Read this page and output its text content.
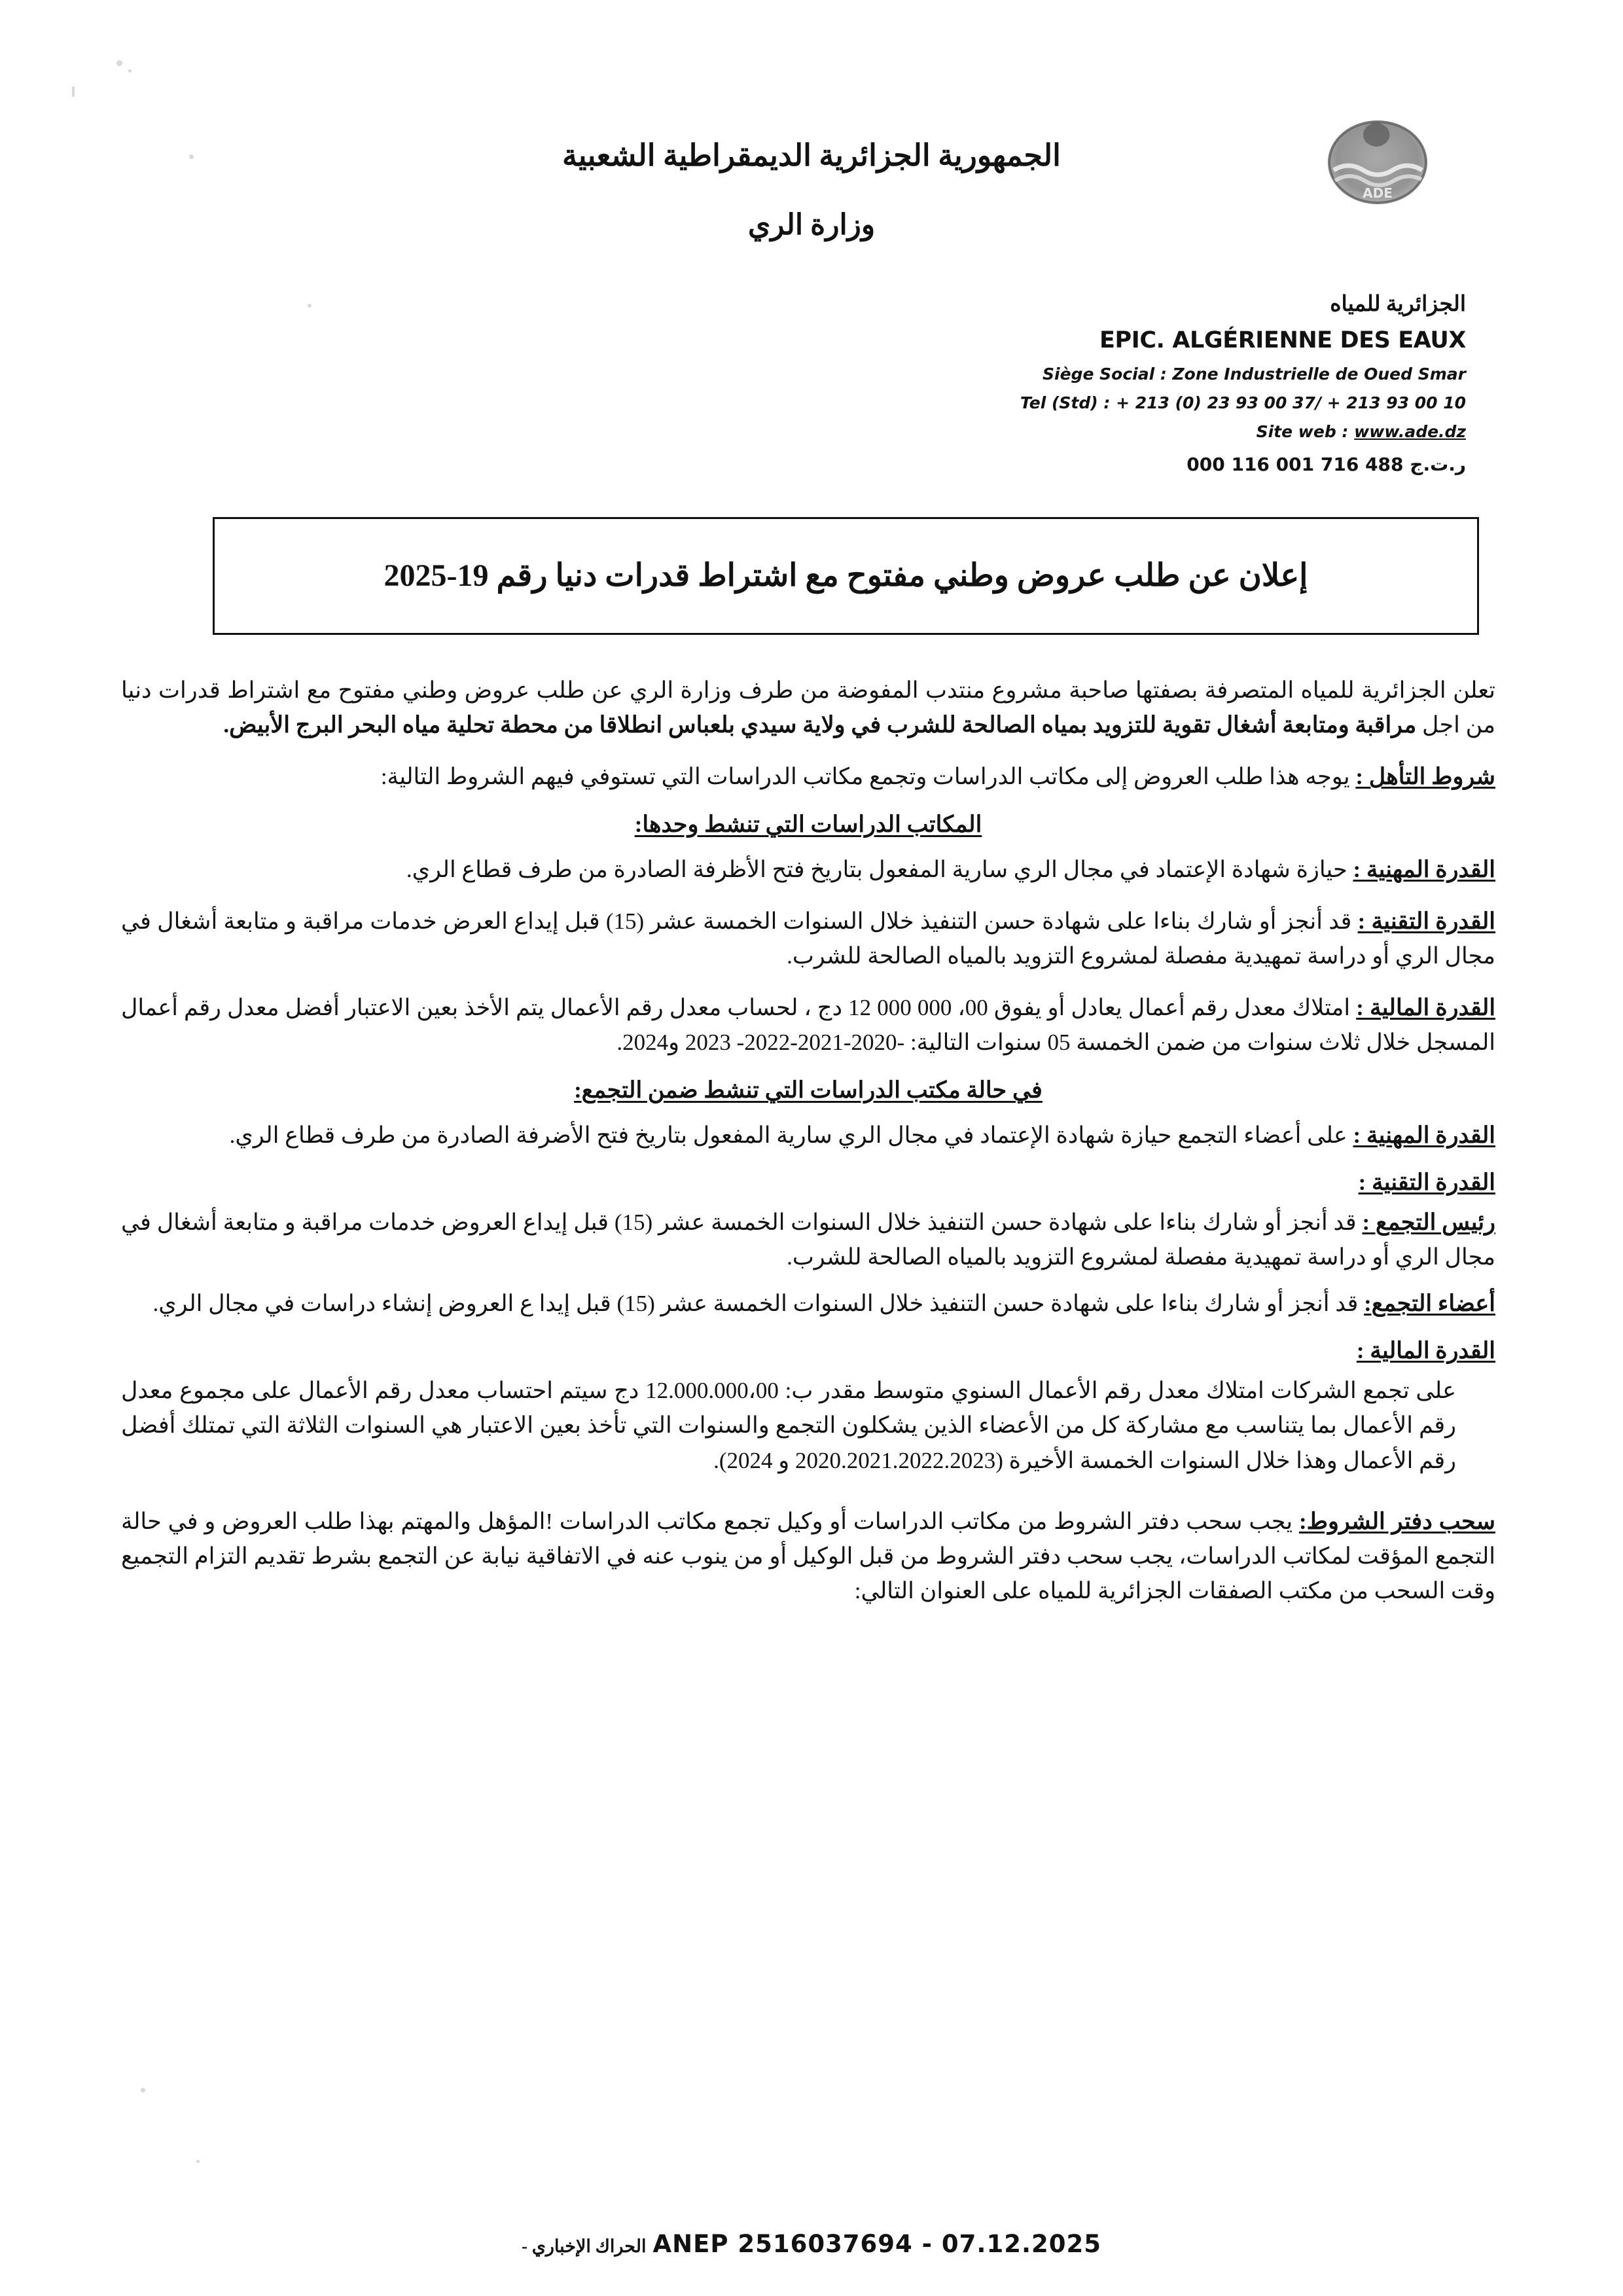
الجمهورية الجزائرية الديمقراطية الشعبية
وزارة الري
ADE
الجزائرية للمياه
EPIC. ALGÉRIENNE DES EAUX
Siège Social : Zone Industrielle de Oued Smar
Tel (Std) : + 213 (0) 23 93 00 37/ + 213 93 00 10
Site web : www.ade.dz
ر.ت.ج 488 716 001 116 000
إعلان عن طلب عروض وطني مفتوح مع اشتراط قدرات دنيا رقم 19-2025

تعلن الجزائرية للمياه المتصرفة بصفتها صاحبة مشروع منتدب المفوضة من طرف وزارة الري عن طلب عروض وطني مفتوح مع اشتراط قدرات دنيا من اجل مراقبة ومتابعة أشغال تقوية للتزويد بمياه الصالحة للشرب في ولاية سيدي بلعباس انطلاقا من محطة تحلية مياه البحر البرج الأبيض.

شروط التأهل : يوجه هذا طلب العروض إلى مكاتب الدراسات وتجمع مكاتب الدراسات التي تستوفي فيهم الشروط التالية:

المكاتب الدراسات التي تنشط وحدها:

القدرة المهنية : حيازة شهادة الإعتماد في مجال الري سارية المفعول بتاريخ فتح الأظرفة الصادرة من طرف قطاع الري.

القدرة التقنية : قد أنجز أو شارك بناءا على شهادة حسن التنفيذ خلال السنوات الخمسة عشر (15) قبل إيداع العرض خدمات مراقبة و متابعة أشغال في مجال الري أو دراسة تمهيدية مفصلة لمشروع التزويد بالمياه الصالحة للشرب.

القدرة المالية : امتلاك معدل رقم أعمال يعادل أو يفوق 00، 000 000 12 دج ، لحساب معدل رقم الأعمال يتم الأخذ بعين الاعتبار أفضل معدل رقم أعمال المسجل خلال ثلاث سنوات من ضمن الخمسة 05 سنوات التالية: -2020-2021-2022- 2023 و2024.

في حالة مكتب الدراسات التي تنشط ضمن التجمع:

القدرة المهنية : على أعضاء التجمع حيازة شهادة الإعتماد في مجال الري سارية المفعول بتاريخ فتح الأضرفة الصادرة من طرف قطاع الري.

القدرة التقنية :

رئيس التجمع : قد أنجز أو شارك بناءا على شهادة حسن التنفيذ خلال السنوات الخمسة عشر (15) قبل إيداع العروض خدمات مراقبة و متابعة أشغال في مجال الري أو دراسة تمهيدية مفصلة لمشروع التزويد بالمياه الصالحة للشرب.

أعضاء التجمع: قد أنجز أو شارك بناءا على شهادة حسن التنفيذ خلال السنوات الخمسة عشر (15) قبل إيدا ع العروض إنشاء دراسات في مجال الري.

القدرة المالية :

على تجمع الشركات امتلاك معدل رقم الأعمال السنوي متوسط مقدر ب: 12.000.000،00 دج سيتم احتساب معدل رقم الأعمال على مجموع معدل رقم الأعمال بما يتناسب مع مشاركة كل من الأعضاء الذين يشكلون التجمع والسنوات التي تأخذ بعين الاعتبار هي السنوات الثلاثة التي تمتلك أفضل رقم الأعمال وهذا خلال السنوات الخمسة الأخيرة (2020.2021.2022.2023 و 2024).

سحب دفتر الشروط: يجب سحب دفتر الشروط من مكاتب الدراسات أو وكيل تجمع مكاتب الدراسات !المؤهل والمهتم بهذا طلب العروض و في حالة التجمع المؤقت لمكاتب الدراسات، يجب سحب دفتر الشروط من قبل الوكيل أو من ينوب عنه في الاتفاقية نيابة عن التجمع بشرط تقديم التزام التجميع وقت السحب من مكتب الصفقات الجزائرية للمياه على العنوان التالي:

- الحراك الإخباري ANEP 2516037694 - 07.12.2025
